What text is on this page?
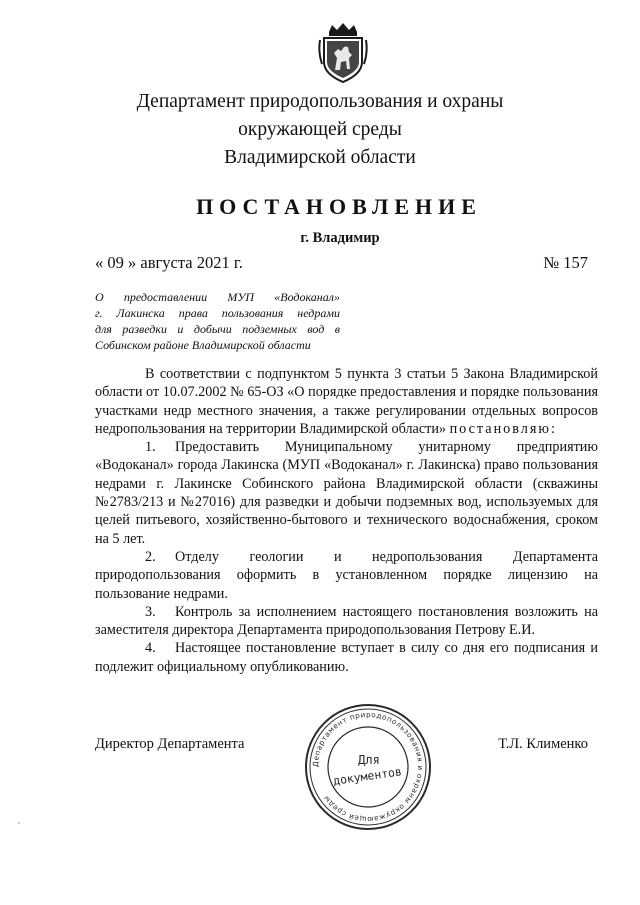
Департамент природопользования и охраны
окружающей среды
Владимирской области
ПОСТАНОВЛЕНИЕ
г. Владимир
« 09 » августа 2021 г.	№ 157
О предоставлении МУП «Водоканал»
г. Лакинска права пользования недрами
для разведки и добычи подземных вод в
Собинском районе Владимирской области

В соответствии с подпунктом 5 пункта 3 статьи 5 Закона Владимирской области от 10.07.2002 № 65-ОЗ «О порядке предоставления и порядке пользования участками недр местного значения, а также регулировании отдельных вопросов недропользования на территории Владимирской области» постановляю:

1. Предоставить Муниципальному унитарному предприятию «Водоканал» города Лакинска (МУП «Водоканал» г. Лакинска) право пользования недрами г. Лакинске Собинского района Владимирской области (скважины №2783/213 и №27016) для разведки и добычи подземных вод, используемых для целей питьевого, хозяйственно-бытового и технического водоснабжения, сроком на 5 лет.

2. Отделу геологии и недропользования Департамента природопользования оформить в установленном порядке лицензию на пользование недрами.

3. Контроль за исполнением настоящего постановления возложить на заместителя директора Департамента природопользования Петрову Е.И.

4. Настоящее постановление вступает в силу со дня его подписания и подлежит официальному опубликованию.

Департамент природопользования и охраны окружающей среды
Для
документов
Директор Департамента	Т.Л. Клименко
